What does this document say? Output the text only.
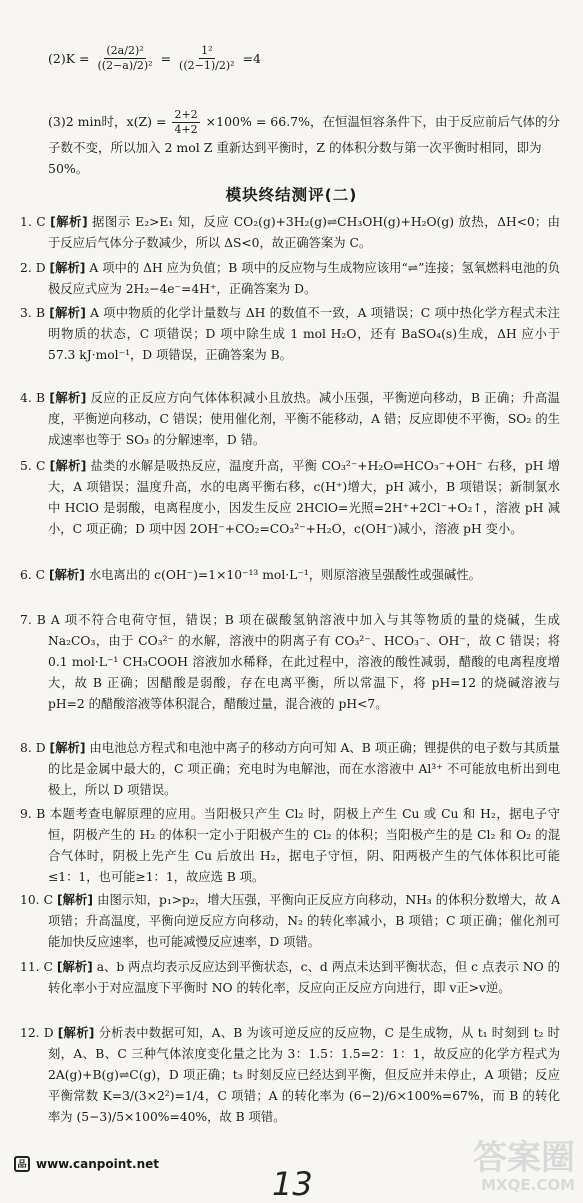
$(2)K = \frac{\text{(2a/2)²}}{\text{((2−a)/2)²}} = \frac{\text{1²}}{\text{((2−1)/2)²}} =4$
(3)2 min时，$x(Z) = \frac{2+2}{4+2} \times 100\% = 66.7\%$，在恒温恒容条件下，由于反应前后气体的分子数不变，所以加入 2 mol Z 重新达到平衡时，Z 的体积分数与第一次平衡时相同，即为 50%。
模块终结测评(二)
1. C [解析] 据图示 E₂>E₁ 知，反应 CO₂(g)+3H₂(g)⇌CH₃OH(g)+H₂O(g) 放热，ΔH<0；由于反应后气体分子数减少，所以 ΔS<0，故正确答案为 C。
2. D [解析] A 项中的 ΔH 应为负值；B 项中的反应物与生成物应该用“⇌”连接；氢氧燃料电池的负极反应式应为 2H₂−4e⁻=4H⁺，正确答案为 D。
3. B [解析] A 项中物质的化学计量数与 ΔH 的数值不一致，A 项错误；C 项中热化学方程式未注明物质的状态，C 项错误；D 项中除生成 1 mol H₂O，还有 BaSO₄(s)生成，ΔH 应小于 57.3 kJ·mol⁻¹，D 项错误，正确答案为 B。
4. B [解析] 反应的正反应方向气体体积减小且放热。减小压强，平衡逆向移动，B 正确；升高温度，平衡逆向移动，C 错误；使用催化剂，平衡不能移动，A 错；反应即使不平衡，SO₂ 的生成速率也等于 SO₃ 的分解速率，D 错。
5. C [解析] 盐类的水解是吸热反应，温度升高，平衡 CO₃²⁻+H₂O⇌HCO₃⁻+OH⁻ 右移，pH 增大，A 项错误；温度升高，水的电离平衡右移，c(H⁺)增大，pH 减小，B 项错误；新制氯水中 HClO 是弱酸，电离程度小，因发生反应 2HClO=光照=2H⁺+2Cl⁻+O₂↑，溶液 pH 减小，C 项正确；D 项中因 2OH⁻+CO₂=CO₃²⁻+H₂O，c(OH⁻)减小，溶液 pH 变小。
6. C [解析] 水电离出的 c(OH⁻)=1×10⁻¹³ mol·L⁻¹，则原溶液呈强酸性或强碱性。
7. B A 项不符合电荷守恒，错误；B 项在碳酸氢钠溶液中加入与其等物质的量的烧碱，生成 Na₂CO₃，由于 CO₃²⁻ 的水解，溶液中的阴离子有 CO₃²⁻、HCO₃⁻、OH⁻，故 C 错误；将 0.1 mol·L⁻¹ CH₃COOH 溶液加水稀释，在此过程中，溶液的酸性减弱，醋酸的电离程度增大，故 B 正确；因醋酸是弱酸，存在电离平衡，所以常温下，将 pH=12 的烧碱溶液与 pH=2 的醋酸溶液等体积混合，醋酸过量，混合液的 pH<7。
8. D [解析] 由电池总方程式和电池中离子的移动方向可知 A、B 项正确；锂提供的电子数与其质量的比是金属中最大的，C 项正确；充电时为电解池，而在水溶液中 Al³⁺ 不可能放电析出到电极上，所以 D 项错误。
9. B 本题考查电解原理的应用。当阳极只产生 Cl₂ 时，阴极上产生 Cu 或 Cu 和 H₂，据电子守恒，阴极产生的 H₂ 的体积一定小于阳极产生的 Cl₂ 的体积；当阳极产生的是 Cl₂ 和 O₂ 的混合气体时，阴极上先产生 Cu 后放出 H₂，据电子守恒，阴、阳两极产生的气体体积比可能≤1：1，也可能≥1：1，故应选 B 项。
10. C [解析] 由图示知，p₁>p₂，增大压强，平衡向正反应方向移动，NH₃ 的体积分数增大，故 A 项错；升高温度，平衡向逆反应方向移动，N₂ 的转化率减小，B 项错；C 项正确；催化剂可能加快反应速率，也可能减慢反应速率，D 项错。
11. C [解析] a、b 两点均表示反应达到平衡状态，c、d 两点未达到平衡状态，但 c 点表示 NO 的转化率小于对应温度下平衡时 NO 的转化率，反应向正反应方向进行，即 v正>v逆。
12. D [解析] 分析表中数据可知，A、B 为该可逆反应的反应物，C 是生成物，从 t₁ 时刻到 t₂ 时刻，A、B、C 三种气体浓度变化量之比为 3：1.5：1.5=2：1：1，故反应的化学方程式为 2A(g)+B(g)⇌C(g)，D 项正确；t₃ 时刻反应已经达到平衡，但反应并未停止，A 项错；反应平衡常数 K=3/(3×2²)=1/4，C 项错；A 的转化率为 (6−2)/6×100%=67%，而 B 的转化率为 (5−3)/5×100%=40%，故 B 项错。
品 www.canpoint.net
13
答案圈
MXQE.COM
